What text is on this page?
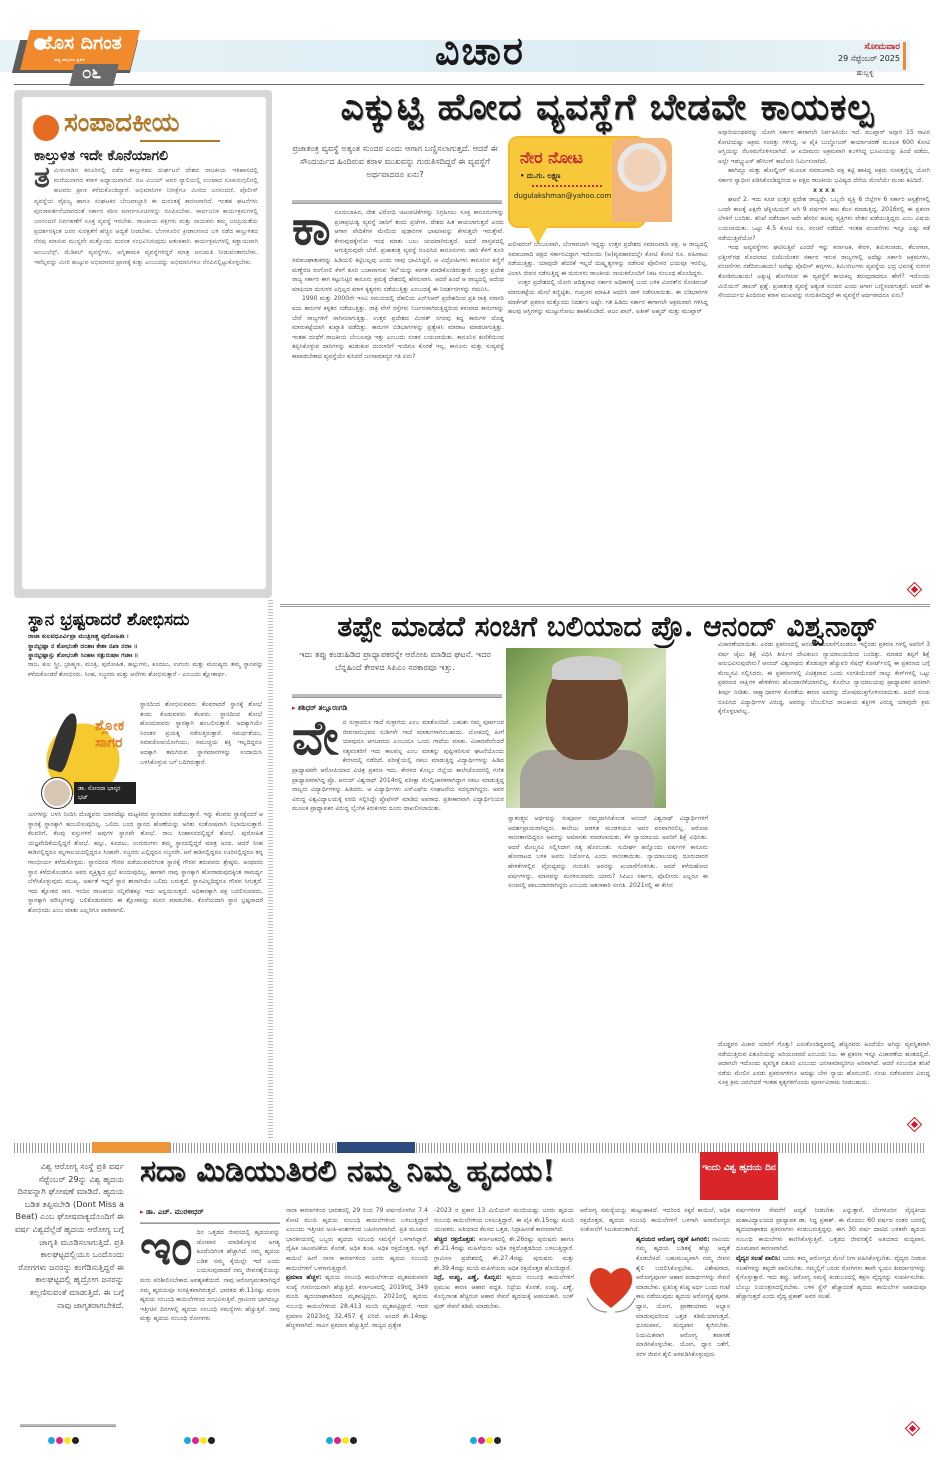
ಹೊಸ ದಿಗಂತ
ರಾಷ್ಟ್ರ ಜಾಗೃತಿಯ ಪ್ರತೀಕ
೦೬	ವಿಚಾರ	ಸೋಮವಾರ
29 ಸೆಪ್ಟೆಂಬರ್ 2025
ಹುಬ್ಬಳ್ಳಿ
ಸಂಪಾದಕೀಯ
ಕಾಲ್ತುಳಿತ ಇದೇ ಕೊನೆಯಾಗಲಿ
ತ ಮಿಳುನಾಡಿನ ಕರೂರಿನಲ್ಲಿ ನಡೆದ ಕಾಲ್ತುಳಿತದ ದುರ್ಘಟನೆ ದೇಶದ ರಾಜಕೀಯ ಇತಿಹಾಸದಲ್ಲಿ ಮರೆಯಲಾಗದ ಕರಾಳ ಅಧ್ಯಾಯವಾಗಿದೆ. ನಟ ವಿಜಯ್ ಅವರ ರ‍್ಯಾಲಿಯಲ್ಲಿ ಉಂಟಾದ ನೂಕುನುಗ್ಗಲಿನಲ್ಲಿ ಹಲವರು ಪ್ರಾಣ ಕಳೆದುಕೊಂಡಿದ್ದಾರೆ. ಅಭಿಮಾನಿಗಳ ನಿರೀಕ್ಷೆಗೂ ಮೀರಿದ ಜನಸಂದಣಿ, ಪೊಲೀಸ್ ವ್ಯವಸ್ಥೆಯ ವೈಫಲ್ಯ ಹಾಗೂ ಸಂಘಟಕರ ಬೇಜವಾಬ್ದಾರಿ ಈ ದುರಂತಕ್ಕೆ ಕಾರಣವಾಗಿದೆ. ಇಂತಹ ಘಟನೆಗಳು ಪುನರಾವರ್ತನೆಯಾಗದಂತೆ ಸರ್ಕಾರ ಕಠಿಣ ಮಾರ್ಗಸೂಚಿಗಳನ್ನು ರೂಪಿಸಬೇಕು. ಸಾರ್ವಜನಿಕ ಕಾರ್ಯಕ್ರಮಗಳಲ್ಲಿ ಜನಸಂದಣಿ ನಿರ್ವಹಣೆಗೆ ಸೂಕ್ತ ವ್ಯವಸ್ಥೆ ಇರಬೇಕು. ರಾಜಕೀಯ ಪಕ್ಷಗಳು ಮತ್ತು ನಾಯಕರು ತಮ್ಮ ಜನಪ್ರಿಯತೆಯ ಪ್ರದರ್ಶನಕ್ಕಿಂತ ಜನರ ಸುರಕ್ಷತೆಗೆ ಹೆಚ್ಚಿನ ಆದ್ಯತೆ ನೀಡಬೇಕು. ಬೆಂಗಳೂರಿನ ಕ್ರೀಡಾಂಗಣದ ಬಳಿ ನಡೆದ ಕಾಲ್ತುಳಿತದ ನೆನಪು ಮಾಸುವ ಮುನ್ನವೇ ಮತ್ತೊಂದು ದುರಂತ ಸಂಭವಿಸಿರುವುದು ಆತಂಕಕಾರಿ. ಕಾರ್ಯಕ್ರಮಗಳಲ್ಲಿ ಕಡ್ಡಾಯವಾಗಿ ಆಂಬುಲೆನ್ಸ್, ಮೆಡಿಕಲ್ ವ್ಯವಸ್ಥೆಗಳು, ಅಗ್ನಿಶಾಮಕ ವ್ಯವಸ್ಥೆಗಳಿದ್ದರೆ ಮಾತ್ರ ಅನುಮತಿ ನೀಡುವಂತಾಗಬೇಕು. ಇವೆಲ್ಲವನ್ನು ಮೀರಿ ಹುಟ್ಟುವ ಅಭಿಮಾನದ ಪ್ರಾಣಕ್ಕೆ ಕುತ್ತು ಎಂಬುದನ್ನು ಅಭಿಮಾನಿಗಳೂ ನೆನಪಿನಲ್ಲಿಟ್ಟುಕೊಳ್ಳಬೇಕು.
ಎಕ್ಕುಟ್ಟಿ ಹೋದ ವ್ಯವಸ್ಥೆಗೆ ಬೇಡವೇ ಕಾಯಕಲ್ಪ
ಪ್ರಜಾತಂತ್ರ ವ್ಯವಸ್ಥೆ ಅತ್ಯಂತ ಸುಂದರ ಎಂದು ಆಗಾಗ ಬಣ್ಣಿಸಲಾಗುತ್ತದೆ. ಆದರೆ ಈ ಸೌಂದರ್ಯದ ಹಿಂದಿರುವ ಕರಾಳ ಮುಖವನ್ನು ಗುರುತಿಸದಿದ್ದರೆ ಈ ವ್ಯವಸ್ಥೆಗೆ ಅರ್ಥವಾದರೂ ಏನು?
ಕಾ ನೂನುಬಾಹಿರ, ದೇಶ ವಿರೋಧಿ ಚಟುವಟಿಕೆಗಳನ್ನು ನಿಗ್ರಹಿಸಲು ಸೂಕ್ತ ಕಾನೂನುಗಳನ್ನು ಪ್ರಜಾಪ್ರಭುತ್ವ ವ್ಯವಸ್ಥೆ ಜಾರಿಗೆ ತಂದು ಪ್ರಜೆಗಳ, ದೇಶದ ಹಿತ ಕಾಯಲಾಗುತ್ತದೆ ಎಂದು ಆಗಾಗ ವೇದಿಕೆಗಳ ಮೇಲಿಂದ ಪುಢಾರಿಗಳ ಭಾಷಣವನ್ನು ಕೇಳುತ್ತಲೇ ಇರುತ್ತೇವೆ. ಕೇಳುವುದಕ್ಕೇನೋ ಇಂಥ ಮಾತು ಬಲು ಚಂದವಾಗಿರುತ್ತದೆ. ಆದರೆ ವಾಸ್ತವದಲ್ಲಿ ಆಗುತ್ತಿರುವುದೇ ಬೇರೆ. ಪ್ರಜಾತಂತ್ರ ವ್ಯವಸ್ಥೆ ರೂಪಿಸಿದ ಕಾನೂನುಗಳು ಜಾರಿ ಕೆಳಗೆ ತೂರಿ ಸಮಾಜಘಾತುಕರನ್ನು ಹಿಡಿಯಲಿ ಕಟ್ಟಿಬಲ್ಲವು ಎಂದು ನಾವು ಭಾವಿಸಿದ್ದರೆ, ಆ ವಿದ್ರೋಹಿಗಳು ಕಾನೂನಿನ ಕಣ್ಣಿಗೆ ಮಣ್ಣೆರಚಿ ರಂಗೋಲಿ ಕೆಳಗೆ ತೂರಿ ಬಚಾವಾಗುವ 'ಕಲೆ'ಯನ್ನು ಕರಗತ ಮಾಡಿಕೊಂಡಿರುತ್ತಾರೆ. ಉತ್ತರ ಪ್ರದೇಶ ರಾಜ್ಯ ಸರ್ಕಾರ ಈಗ ಕಟ್ಟುನಿಟ್ಟಿನ ಕಾನೂನು ಕ್ರಮಕ್ಕೆ ದೇಶದಲ್ಲಿ ಹೆಸರುವಾಸಿ. ಆದರೆ ಹಿಂದೆ ಆ ರಾಜ್ಯದಲ್ಲಿ ಅದೆಂಥ ಮಾಫಿಯಾ ದುರುಳರ ಎಗ್ಗಿಲ್ಲದ ಕರಾಳ ಕೃತ್ಯಗಳು ನಡೆಯುತ್ತಿತ್ತು ಎಂಬುದಕ್ಕೆ ಈ ನಿದರ್ಶನಗಳನ್ನು ಗಮನಿಸಿ.

1990 ಮತ್ತು 2000ನೇ ಇಸವಿ ಸಮಯದಲ್ಲಿ ದೆಹಲಿಯ ಎನ್‌ಸಿಆರ್ ಪ್ರದೇಶದಿಂದ ಪ್ರತಿ ರಾತ್ರಿ ಸರಾಸರಿ ಐದು ಕಾರುಗಳ ಕಳ್ಳತನ ನಡೆಯುತ್ತಿತ್ತು. ರಾತ್ರಿ ವೇಳೆ ರಸ್ತೆಗಳು ನಿರ್ಜನವಾಗಿರುತ್ತಿದ್ದರಿಂದ ಕಳುವಾದ ಕಾರುಗಳನ್ನು ಬೇರೆ ರಾಜ್ಯಗಳಿಗೆ ಸಾಗಿಸಲಾಗುತ್ತಿತ್ತು. ಉತ್ತರ ಪ್ರದೇಶದ ಮೀರತ್ ನಗರವು ಕದ್ದ ಕಾರುಗಳ ದೊಡ್ಡ ಮಾರುಕಟ್ಟೆಯಾಗಿ ಕುಖ್ಯಾತಿ ಪಡೆದಿತ್ತು. ಕಾರುಗಳ ಬಿಡಿಭಾಗಗಳನ್ನು ಪ್ರತ್ಯೇಕಿಸಿ ಮಾರಾಟ ಮಾಡಲಾಗುತ್ತಿತ್ತು. ಇಂತಹ ದಂಧೆಗೆ ರಾಜಕೀಯ ಬೆಂಬಲವೂ ಇತ್ತು ಎಂಬುದು ನಂತರ ಬಯಲಾಯಿತು. ಕಾನೂನಿನ ಕುಣಿಕೆಯಿಂದ ತಪ್ಪಿಸಿಕೊಳ್ಳುವ ದಾರಿಗಳನ್ನು ಹುಡುಕುವ ದುರುಳರಿಗೆ ಇಂದಿಗೂ ಕೊರತೆ ಇಲ್ಲ. ಕಾನೂನು ಮತ್ತು ಸುವ್ಯವಸ್ಥೆ ಕಾಪಾಡಬೇಕಾದ ವ್ಯವಸ್ಥೆಯೇ ಕುಸಿದರೆ ಜನಸಾಮಾನ್ಯರ ಗತಿ ಏನು?

ನೇರ ನೋಟ
• ದು.ಗು. ಲಕ್ಷ್ಮಣ
dugulakshman@yahoo.com

ಖಲೀಫರಂಗೆ ಬೆಂಬಲವಾಗಿ, ಬೆಂಗಾವಲಾಗಿ ಇದ್ದದ್ದು ಉತ್ತರ ಪ್ರದೇಶದ ಸಮಾಜವಾದಿ ಪಕ್ಷ. ಆ ರಾಜ್ಯದಲ್ಲಿ ಸಮಾಜವಾದಿ ಪಕ್ಷದ ಸರ್ಕಾರವಿದ್ದಾಗ ಇದೊಂದು (ಅ)ವ್ಯವಹಾರದಲ್ಲೇ ಕೋಟಿ ಕೋಟಿ ರೂ. ವಹಿವಾಟು ನಡೆಯುತ್ತಿತ್ತು. ಯಾವುದೇ ಹೆದರಿಕೆ ಇಲ್ಲದೆ ದುಷ್ಕೃತ್ಯಗಳನ್ನು ನಡೆಸುವ ಪೊಲೀಸರ ಭಯವೂ ಇರಲಿಲ್ಲ. ವಿಲಾಸಿ ಜೀವನ ನಡೆಸುತ್ತಿದ್ದ ಈ ದುರುಳರು ರಾಜಕೀಯ ನಾಯಕರೊಂದಿಗೆ ನಿಕಟ ಸಂಬಂಧ ಹೊಂದಿದ್ದರು.

ಉತ್ತರ ಪ್ರದೇಶದಲ್ಲಿ ಯೋಗಿ ಆದಿತ್ಯನಾಥ ಸರ್ಕಾರ ಅಧಿಕಾರಕ್ಕೆ ಬಂದ ಬಳಿಕ ಮೀರತ್‌ನ ಸೋತಿಗಂಜ್ ಮಾರುಕಟ್ಟೆಯ ಮೇಲೆ ಕಣ್ಣಿಟ್ಟಿತು. ಗುಪ್ತಚರ ಮಾಹಿತಿ ಆಧರಿಸಿ ದಾಳಿ ನಡೆಸಲಾಯಿತು. ಈ ಬಿಡಿಭಾಗಗಳ ಮಾರ್ಕೆಟ್ ಪ್ರಕರಣ ಮತ್ತೊಂದು ನಿದರ್ಶನ ಅಷ್ಟೇ. ಗತ ಹಿಡಿದು ಸರ್ಕಾರ ಈಗಾಗಲೇ ಅಕ್ರಮವಾಗಿ ಗಳಿಸಿದ್ದ ಹಲವು ಆಸ್ತಿಗಳನ್ನು ಮುಟ್ಟುಗೋಲು ಹಾಕಿಕೊಂಡಿದೆ. ಆಜಂ ಖಾನ್, ಅತೀಕ್ ಅಹ್ಮದ್ ಮತ್ತು ಮುಖ್ತಾರ್

ಅನ್ಸಾರಿಯಂಥವರನ್ನು ಯೋಗಿ ಸರ್ಕಾರ ಈಗಾಗಲೇ ನಿರ್ವಹಿಸಿಯೇ ಇದೆ. ಮುಖ್ತಾರ್ ಅನ್ಸಾರಿ 15 ಸಾವಿರ ಕೋಟಿಯಷ್ಟು ಅಕ್ರಮ ಸಂಪತ್ತು ಗಳಿಸಿದ್ದ. ಆ ಪೈಕಿ ಬುಲ್ಡೋಜರ್ ಕಾರ್ಯಾಚರಣೆ ಮೂಲಕ 600 ಕೋಟಿ ಆಸ್ತಿಯನ್ನು ನೆಲಸಮಗೊಳಿಸಲಾಗಿದೆ. ಆ ಖದೀಮರು ಅಕ್ರಮವಾಗಿ ಕಬಳಿಸಿದ್ದ ಭೂಮಿಯನ್ನು ಹಿಂದೆ ಪಡೆದು, ಅಲ್ಲೇ ಇಡಬ್ಲ್ಯುಎಸ್ ಹೌಸಿಂಗ್ ಕಾಲೋನಿ ನಿರ್ಮಿಸಲಾಗಿದೆ.

ಹಾಗಿದ್ದೂ ಮತ್ತು ಹೋಲ್ಡಿಂಗ್ ಮೂಲಕ ಸಮಾಜವಾದಿ ಪಕ್ಷ ಕಟ್ಟಿ ಹಾಕಿದ್ದ ಅಕ್ರಮ ಸಂಪತ್ತನ್ನೆಲ್ಲ ಯೋಗಿ ಸರ್ಕಾರ ಸ್ವಾಧೀನ ಪಡಿಸಿಕೊಂಡಿದ್ದರಿಂದ ಆ ಪಕ್ಷದ ರಾಜಕೀಯ ಭವಿಷ್ಯದ ದೆಸೆಯ ಮೇಲೆಯೇ ಮಂಕು ಕವಿದಿದೆ.

x x x x

ಘಟನೆ 2. ಇದು ಕೂಡ ಉತ್ತರ ಪ್ರದೇಶ ರಾಜ್ಯದ್ದೇ. ಒಬ್ಬನೇ ವ್ಯಕ್ತಿ 6 ಜಿಲ್ಲೆಗಳ 6 ಸರ್ಕಾರಿ ಆಸ್ಪತ್ರೆಗಳಲ್ಲಿ ಒಂದೇ ಕಾಲಕ್ಕೆ ಎಕ್ಸರೇ ಟೆಕ್ನೀಷಿಯನ್ ಆಗಿ 9 ವರ್ಷಗಳ ಕಾಲ ಕೆಲಸ ಮಾಡುತ್ತಿದ್ದ. 2016ರಲ್ಲಿ ಈ ಪ್ರಕರಣ ಬೆಳಕಿಗೆ ಬಂದಿತು. ತನಿಖೆ ನಡೆಸಿದಾಗ ಅದೇ ಹೆಸರಿನ ಹಲವು ವ್ಯಕ್ತಿಗಳು ವೇತನ ಪಡೆಯುತ್ತಿದ್ದರು ಎಂಬ ವಿಷಯ ಬಯಲಾಯಿತು. ಒಟ್ಟು 4.5 ಕೋಟಿ ರೂ. ವಂಚನೆ ನಡೆದಿದೆ. ಇಂತಹ ವಂಚನೆಗಳು ಇನ್ನೂ ಎಷ್ಟು ಕಡೆ ನಡೆಯುತ್ತಿವೆಯೋ?

ಇಂಥ ಅವ್ಯವಸ್ಥೆಗಳು ಘಟಿಸುತ್ತಿವೆ ಎಂದರೆ ಇನ್ನು ಕರ್ನಾಟಕ, ಕೇರಳ, ತಮಿಳುನಾಡು, ತೆಲಂಗಾಣ, ಛತ್ತೀಸ್‌ಗಢ ಮೊದಲಾದ ಬಿಜೆಪಿಯೇತರ ಸರ್ಕಾರ ಇರುವ ರಾಜ್ಯಗಳಲ್ಲಿ ಅದೆಷ್ಟು ಸರ್ಕಾರಿ ಅಕ್ರಮಗಳು, ವಂಚನೆಗಳು ನಡೆದಿರಬಹುದು! ಅದೆಷ್ಟು ಪೊಲೀಸ್ ಹಗ್ಗಗಳು, ತಿಮಿಂಗಿಲಗಳು ವ್ಯವಸ್ಥೆಯ ಭದ್ರ ಭವನಕ್ಕೆ ಸುರಂಗ ತೋಡಿರಬಹುದು! ಎಕ್ಕುಟ್ಟಿ ಹೋಗಿರುವ ಈ ವ್ಯವಸ್ಥೆಗೆ ಕಾಯಕಲ್ಪ ತರುವುದಾದರೂ ಹೇಗೆ? ಇದೊಂದು ಮಿಲಿಯನ್ ಡಾಲರ್ ಪ್ರಶ್ನೆ. ಪ್ರಜಾತಂತ್ರ ವ್ಯವಸ್ಥೆ ಅತ್ಯಂತ ಸುಂದರ ಎಂದು ಆಗಾಗ ಬಣ್ಣಿಸಲಾಗುತ್ತದೆ. ಆದರೆ ಈ ಸೌಂದರ್ಯದ ಹಿಂದಿರುವ ಕರಾಳ ಮುಖವನ್ನು ಗುರುತಿಸದಿದ್ದರೆ ಈ ವ್ಯವಸ್ಥೆಗೆ ಅರ್ಥವಾದರೂ ಏನು?

ಸ್ಥಾನ ಭ್ರಷ್ಟರಾದರೆ ಶೋಭಿಸದು
ರಾಜಾ ಕುಲವಧೂರ್ವಿಪ್ರಾ ಮಂತ್ರಿಣಶ್ಚ ಪುರೋಹಿತಃ ।
ಸ್ಥಾನಭ್ರಷ್ಟಾ ನ ಶೋಭಂತೇ ದಂತಾಃ ಕೇಶಾ ನಖಾ ನರಾಃ ॥
ಸ್ಥಾನಭ್ರಷ್ಟಾಸ್ತು ಶೋಭಂತೇ ಸಿಂಹಾಃ ಸತ್ಪುರುಷಾಃ ಗಜಾಃ ॥
ರಾಜ, ಕುಲ ಸ್ತ್ರೀ, ಬ್ರಾಹ್ಮಣ, ಮಂತ್ರಿ, ಪುರೋಹಿತ, ಹಲ್ಲುಗಳು, ಕೂದಲು, ಉಗುರು ಮತ್ತು ಮನುಷ್ಯರು ತಮ್ಮ ಸ್ಥಾನವನ್ನು ಕಳೆದುಕೊಂಡರೆ ಶೋಭಿಸರು. ಸಿಂಹ, ಸಜ್ಜನರು ಮತ್ತು ಆನೆಗಳು ಶೋಭಿಸುತ್ತಾರೆ - ಎಂಬುದು ಶ್ಲೋಕಾರ್ಥ.
ಶ್ಲೋಕ ಸಾಗರ
ಡಾ. ಸೋಂದಾ ಭಾಸ್ಕರ ಭಟ್
ಸ್ಥಾನದಿಂದ ಶೋಭಿಸುವವರು ಕೆಲವರಾದರೆ ಸ್ಥಾನಕ್ಕೆ ಶೋಭೆ ತಂದು ಕೊಡುವವರು ಕೆಲವರು. ಸ್ಥಾನದಿಂದ ಶೋಭೆ ಹೊಂದುವವರು ಸ್ಥಾನಕ್ಕಾಗಿ ಹಂಬಲಿಸುತ್ತಾರೆ. ಅದಕ್ಕಾಗಿಯೇ ನಿರಂತರ ಪ್ರಯತ್ನ ನಡೆಸುತ್ತಿರುತ್ತಾರೆ. ಸಮರ್ಥತೆಯು, ಸಮಾಜೋಪಯೋಗಿಯು, ಸಮುಚ್ಚಯ ಶಕ್ತಿ ಇಲ್ಲದಿದ್ದರೂ ಅದಕ್ಕಾಗಿ ತಮಗಿರುವ ಸ್ಥಾನಮಾನಗಳನ್ನು ಸಂದಾಯಿಸಿ ಬಳಸಿಕೊಳ್ಳುವ ಬಗೆ ಬದಿಗಿರುತ್ತಾರೆ.
ಜನಗಳನ್ನು ಬಳಸಿ ನಿಂದಿಸಿ ದೊಡ್ಡವರು ಯಾರದೆಷ್ಟು ಮಟ್ಟಕಿರದ ಸ್ಥಾನಮಾನ ಪಡೆಯುತ್ತಾರೆ. ಇನ್ನು ಕೆಲವರು ಸ್ಥಾನಕ್ಕೆಂದರೆ ಆ ಸ್ಥಾನಕ್ಕೆ ಸ್ಥಾನಕ್ಕಾಗಿ ಹಂಬಲಿಸುವುದಿಲ್ಲ. ಒಲಿದು ಬಂದ ಸ್ಥಾನದ ಹೊಣೆಯನ್ನು ಅರಿತು ಸಂತೋಷವಾಗಿ ನಿಭಾಯಿಸುತ್ತಾರೆ. ಕೆಲವರಿಗೆ, ಕೆಲವು ವಸ್ತುಗಳಿಗೆ ಅವುಗಳ ಸ್ಥಾನವೇ ಶೋಭೆ. ರಾಜ ಸಿಂಹಾಸನದಲ್ಲಿದ್ದರೆ ಶೋಭೆ. ಪುರೋಹಿತ ಯಜ್ಞವೇದಿಕೆಯಲ್ಲಿದ್ದರೆ ಶೋಭೆ. ಹಲ್ಲು, ಕೂದಲು, ಉಗುರುಗಳು ತಮ್ಮ ಸ್ಥಾನದಲ್ಲಿದ್ದರೆ ಮಾತ್ರ ಅಂದ. ಆದರೆ ಸಿಂಹ ಕಾಡಿನಲ್ಲಿದ್ದರೂ ಮೃಗಾಲಯದಲ್ಲಿದ್ದರೂ ಸಿಂಹವೇ. ಸಜ್ಜನರು ಎಲ್ಲಿದ್ದರೂ ಸಜ್ಜನರೇ. ಆನೆ ಕಾಡಿನಲ್ಲಿದ್ದರೂ ಊರಿನಲ್ಲಿದ್ದರೂ ತನ್ನ ಗಾಂಭೀರ್ಯ ಕಳೆದುಕೊಳ್ಳದು. ಸ್ಥಾನದಿಂದ ಗೌರವ ಪಡೆಯುವವರಿಗಿಂತ ಸ್ಥಾನಕ್ಕೆ ಗೌರವ ತರುವವರು ಶ್ರೇಷ್ಠರು. ಅಂಥವರು ಸ್ಥಾನ ಕಳೆದುಕೊಂಡರೂ ಅವರ ವ್ಯಕ್ತಿತ್ವದ ಪ್ರಭೆ ಕುಂದುವುದಿಲ್ಲ. ಹಾಗಾಗಿ ನಾವು ಸ್ಥಾನಕ್ಕಾಗಿ ಹೋರಾಡುವುದಕ್ಕಿಂತ ಸಾಮರ್ಥ್ಯ ಬೆಳೆಸಿಕೊಳ್ಳುವುದು ಮುಖ್ಯ. ಅರ್ಹತೆ ಇದ್ದರೆ ಸ್ಥಾನ ತಾನಾಗಿಯೇ ಒಲಿದು ಬರುತ್ತದೆ. ಸ್ಥಾನವಿಲ್ಲದಿದ್ದರೂ ಗೌರವ ಸಿಗುತ್ತದೆ. ಇದು ಶ್ಲೋಕದ ಸಾರ. ಇಂದಿನ ರಾಜಕೀಯ ಸನ್ನಿವೇಶಕ್ಕೂ ಇದು ಅನ್ವಯಿಸುತ್ತದೆ. ಅಧಿಕಾರಕ್ಕಾಗಿ ಪಕ್ಷ ಬದಲಿಸುವವರು, ಸ್ಥಾನಕ್ಕಾಗಿ ಮೌಲ್ಯಗಳನ್ನು ಬಲಿಕೊಡುವವರು ಈ ಶ್ಲೋಕವನ್ನು ಮನನ ಮಾಡಬೇಕು. ಕೊನೆಯದಾಗಿ ಸ್ಥಾನ ಭ್ರಷ್ಟರಾದರೆ ಶೋಭಿಸದು ಎಂಬ ಮಾತು ಎಲ್ಲರಿಗೂ ಪಾಠವಾಗಲಿ.
ತಪ್ಪೇ ಮಾಡದೆ ಸಂಚಿಗೆ ಬಲಿಯಾದ ಪ್ರೊ. ಆನಂದ್ ವಿಶ್ವನಾಥ್
ಇದು ತಪ್ಪು ಕಂಡುಹಿಡಿದ ಪ್ರಾಧ್ಯಾಪಕರನ್ನೇ ಆರೋಪಿ ಮಾಡಿದ ಘಟನೆ. ಇದರ ಬೆನ್ನಹಿಂದೆ ಕೇರಳದ ಸಿಪಿಎಂ ಸರಕಾರವೂ ಇತ್ತು.
▸ ಶಶಿಧರ್ ತಲ್ಲೂರಂಗಡಿ
ವೇ ದ ಸುಳ್ಳಾದರೂ ಗಾದೆ ಸುಳ್ಳಾಗದು ಎಂಬ ಮಾತೊಂದಿದೆ. ಬಹುಶಃ ನಮ್ಮ ಪೂರ್ವಜರ ಜೀವನಾನುಭವದ ನುಡಿಗಳೇ ಗಾದೆ ಮಾತುಗಳಾಗಿರಬಹುದು. ಲೋಕದಲ್ಲಿ ಹೀಗೆ ಯಾವುದೂ ಆಗಬಾರದು ಎಂಬುದೂ ಒಂದು ಗಾದೆಯ ಮಾತು. ವಿಚಾರವೇನೆಂದರೆ ಸತ್ಯವಂತರಿಗೆ ಇದು ಕಾಲವಲ್ಲ ಎಂಬ ಮಾತನ್ನು ಪುಷ್ಟೀಕರಿಸುವ ಘಟನೆಯೊಂದು ಕೇರಳದಲ್ಲಿ ನಡೆದಿದೆ. ಪರೀಕ್ಷೆಯಲ್ಲಿ ನಕಲು ಮಾಡುತ್ತಿದ್ದ ವಿದ್ಯಾರ್ಥಿಗಳನ್ನು ಹಿಡಿದ ಪ್ರಾಧ್ಯಾಪಕರೇ ಆರೋಪಿಯಾದ ವಿಚಿತ್ರ ಪ್ರಕರಣ ಇದು. ಕೇರಳದ ಕೊಲ್ಲಂ ಜಿಲ್ಲೆಯ ಕಾಲೇಜೊಂದರಲ್ಲಿ ಗಣಿತ ಪ್ರಾಧ್ಯಾಪಕರಾಗಿದ್ದ ಪ್ರೊ. ಆನಂದ್ ವಿಶ್ವನಾಥ್ 2014ರಲ್ಲಿ ಪರೀಕ್ಷಾ ಮೇಲ್ವಿಚಾರಕರಾಗಿದ್ದಾಗ ನಕಲು ಮಾಡುತ್ತಿದ್ದ ನಾಲ್ವರು ವಿದ್ಯಾರ್ಥಿಗಳನ್ನು ಹಿಡಿದರು. ಆ ವಿದ್ಯಾರ್ಥಿಗಳು ಎಸ್‌ಎಫ್‌ಐ ಸಂಘಟನೆಯ ಸದಸ್ಯರಾಗಿದ್ದರು. ಅವರ ವಿರುದ್ಧ ವಿಶ್ವವಿದ್ಯಾಲಯಕ್ಕೆ ವರದಿ ಸಲ್ಲಿಸಿದ್ದೇ ಪ್ರೊಫೆಸರ್ ಮಾಡಿದ ಅಪರಾಧ. ಪ್ರತೀಕಾರವಾಗಿ ವಿದ್ಯಾರ್ಥಿನಿಯರ ಮೂಲಕ ಪ್ರಾಧ್ಯಾಪಕರ ವಿರುದ್ಧ ಲೈಂಗಿಕ ಕಿರುಕುಳದ ದೂರು ದಾಖಲಿಸಲಾಯಿತು.
ಸ್ವಾತಂತ್ರ್ಯದ ಅರ್ಥವನ್ನು ಸಂಪೂರ್ಣ ನಮ್ಮದಾಗಿಸಿಕೊಂಡ ಆನಂದ್ ವಿಶ್ವನಾಥ್ ವಿದ್ಯಾರ್ಥಿಗಳಿಗೆ ಆದರ್ಶಪ್ರಾಯರಾಗಿದ್ದರು. ಕಾಲೇಜು ಆಡಳಿತ ಮಂಡಳಿಯೂ ಅವರ ಪರವಾಗಿರಲಿಲ್ಲ. ಆರೋಪ ಸಾಬೀತಾಗದಿದ್ದರೂ ಅವರನ್ನು ಅಮಾನತು ಮಾಡಲಾಯಿತು. ಕೆಳ ನ್ಯಾಯಾಲಯ ಅವರಿಗೆ ಶಿಕ್ಷೆ ವಿಧಿಸಿತು. ಆದರೆ ಮೇಲ್ಮನವಿ ಸಲ್ಲಿಸಿದಾಗ ಸತ್ಯ ಹೊರಬಂತು. ಸುದೀರ್ಘ ಹನ್ನೊಂದು ವರ್ಷಗಳ ಕಾನೂನು ಹೋರಾಟದ ಬಳಿಕ ಅವರು ನಿರ್ದೋಷಿ ಎಂದು ಸಾಬೀತಾಯಿತು. ನ್ಯಾಯಾಲಯವು ದೂರುದಾರರ ಹೇಳಿಕೆಗಳಲ್ಲಿನ ವೈರುಧ್ಯವನ್ನು ಗುರುತಿಸಿ ಅವರನ್ನು ಖುಲಾಸೆಗೊಳಿಸಿತು. ಆದರೆ ಕಳೆದುಹೋದ ವರ್ಷಗಳನ್ನು, ಮಾನವನ್ನು ಮರಳಿಸುವವರು ಯಾರು? ಸಿಪಿಎಂ ಸರ್ಕಾರ, ಪೊಲೀಸರು ಎಲ್ಲರೂ ಈ ಸಂಚಿನಲ್ಲಿ ಪಾಲುದಾರರಾಗಿದ್ದರು ಎಂಬುದು ಆತಂಕಕಾರಿ ಸಂಗತಿ. 2021ರಲ್ಲಿ ಈ ಕೇಸಿನ
ವಿಚಾರಣೆಯಾಯಿತು. ಎರಡು ಪ್ರಕರಣದಲ್ಲಿ ಆನಂದ್ ಖುಲಾಸೆಗೊಂಡರೂ ಇನ್ನೆರಡು ಪ್ರಕರಣ ಗಳಲ್ಲಿ ಅವರಿಗೆ 3 ವರ್ಷ ಜೈಲು ಶಿಕ್ಷೆ ವಿಧಿಸಿ ತೀರ್ಪಿನ ದೇವಿಕುಲಂ ನ್ಯಾಯಾಲಯದಿಂದ ಬಂದಿತ್ತು. ಮಾಡದ ತಪ್ಪಿಗೆ ಶಿಕ್ಷೆ ಅನುಭವಿಸುವುದೇನು? ಆನಂದ್ ವಿಶ್ವನಾಥರು ತೊಡುಪುಳ ಹೆಚ್ಚುವರಿ ಸೆಷನ್ಸ್ ಕೋರ್ಟ್‌ನಲ್ಲಿ ಈ ಪ್ರಕರಣದ ಬಗ್ಗೆ ಮೇಲ್ಮನವಿ ಸಲ್ಲಿಸಿದರು. ಈ ಪ್ರಕರಣಗಳಲ್ಲಿ ವಿಚಿತ್ರವಾದ ಒಂದು ಸಂಗತಿಯೆಂದರೆ ನಾಲ್ಕು ಕೇಸ್‌ಗಳಲ್ಲಿ ಒಟ್ಟು ಪ್ರಕರಣದ ಸಾಕ್ಷಿಗಳ ಹೇಳಿಕೆಗಳು ಹೊಂದಾಣಿಕೆಯಾಗಲಿಲ್ಲ. ಕೊನೆಗೂ ನ್ಯಾಯಾಲಯವು ಪ್ರಾಧ್ಯಾಪಕರ ಪರವಾಗಿ ತೀರ್ಪು ನೀಡಿತು. ಸಾಕ್ಷ್ಯಾಧಾರಗಳ ಕೊರತೆಯ ಕಾರಣ ಅವರನ್ನು ದೋಷಮುಕ್ತಗೊಳಿಸಲಾಯಿತು. ಆದರೆ ಸಂಚು ರೂಪಿಸಿದ ವಿದ್ಯಾರ್ಥಿಗಳ ವಿರುದ್ಧ, ಅವರನ್ನು ಬೆಂಬಲಿಸಿದ ರಾಜಕೀಯ ಶಕ್ತಿಗಳ ವಿರುದ್ಧ ಯಾವುದೇ ಕ್ರಮ ಕೈಗೊಳ್ಳಲಾಗಿಲ್ಲ.
ದೊಡ್ಡವರ ವಿಚಾರ ಯಾರಿಗೆ ಗೊತ್ತು! ಎನುಕೊಂಡಿದ್ದವರಲ್ಲಿ ಹೆಚ್ಚಿನವರು ಹಿಂದೆಯೇ ಆಗಿದ್ದು ವ್ಯವಸ್ಥಿತವಾಗಿ ನಡೆಯುತ್ತಿರುವ ಪಿತೂರಿಯನ್ನು ಅರಿಯಲಾರದೆ ಎಂಬುದು ನಿಜ. ಈ ಪ್ರಕರಣ ಇನ್ನೂ ವಿಚಾರಣೆಯ ಹಂತದಲ್ಲಿದೆ. ಆದಾಗಲೇ ಇದೊಂದು ವ್ಯವಸ್ಥಿತ ಪಿತೂರಿ ಎಂಬುದು ಜನಸಾಮಾನ್ಯರಿಗೂ ಅರಿವಾಗಿದೆ. ಆದರೆ ಸಂಬಂಧಿತ ತನಿಖೆ ನಡೆದು ಮೇಲಿನ ಎರಡು ಪ್ರಕರಣಗಳಿಗೂ ಆದಷ್ಟು ಬೇಗ ನ್ಯಾಯ ಹೊರಬರಲಿ. ಸಂಚು ನಡೆಸುವವರ ವಿರುದ್ಧ ಸೂಕ್ತ ಕ್ರಮ ಜರುಗಿದರೆ ಇಂತಹ ಕೃತ್ಯಗಳಿಗೊಂದು ಪೂರ್ಣವಿರಾಮ ನೀಡಬಹುದು.
ವಿಶ್ವ ಆರೋಗ್ಯ ಸಂಸ್ಥೆ ಪ್ರತಿ ವರ್ಷ ಸೆಪ್ಟೆಂಬರ್ 29ನ್ನು ವಿಶ್ವ ಹೃದಯ ದಿನವನ್ನಾಗಿ ಘೋಷಣೆ ಮಾಡಿದೆ. ಹೃದಯ ಬಡಿತ ತಪ್ಪಿಸಬೇಡಿ (Dont Miss a Beat) ಎಂಬ ಘೋಷವಾಕ್ಯದೊಂದಿಗೆ ಈ ವರ್ಷ ವಿಶ್ವದೆಲ್ಲೆಡೆ ಹೃದಯ ಆರೋಗ್ಯ ಬಗ್ಗೆ ಜಾಗೃತಿ ಮೂಡಿಸಲಾಗುತ್ತಿದೆ. ಪ್ರತಿ ಕಾಲಘಟ್ಟದಲ್ಲಿಯೂ ಒಂದೊಂದು ರೋಗಗಳು ಜನರನ್ನು ಕಂಗೆಡಿಸುತ್ತಿದ್ದರೆ ಈ ಕಾಲಘಟ್ಟದಲ್ಲಿ ಹೃದ್ರೋಗ ಜನರನ್ನು ತಲ್ಲಣಿಸುವಂತೆ ಮಾಡುತ್ತಿದೆ. ಈ ಬಗ್ಗೆ ನಾವು ಜಾಗೃತರಾಗಬೇಕಿದೆ.
ಸದಾ ಮಿಡಿಯುತಿರಲಿ ನಮ್ಮ ನಿಮ್ಮ ಹೃದಯ!	ಇಂದು ವಿಶ್ವ ಹೃದಯ ದಿನ
▸ ಡಾ. ಎಚ್. ಮುರಳೀಧರ್
ಇಂ ದಿನ ಒತ್ತಡದ ಜೀವನದಲ್ಲಿ ಹೃದಯವನ್ನು ಜೋಪಾನ ಮಾಡಿಕೊಳ್ಳುವ ಅಗತ್ಯ ಹಿಂದೆಂದಿಗಿಂತ ಹೆಚ್ಚಾಗಿದೆ. ನಮ್ಮ ಹೃದಯ ಬಡಿತ ನಮ್ಮ ಕೈಯಲ್ಲೇ ಇದೆ ಎಂದು ಬಯಸುವುದಾದರೆ ನಮ್ಮ ಜೀವನಶೈಲಿಯನ್ನು ಮರು ಪರಿಶೀಲಿಸಬೇಕಾದ ಅವಶ್ಯಕತೆಯಿದೆ. ನಾವು ಆರೋಗ್ಯವಂತರಾಗಿದ್ದರೆ ನಮ್ಮ ಹೃದಯವೂ ಸುರಕ್ಷಿತವಾಗಿರುತ್ತದೆ. ಭಾರತದ ಶೇ.11ರಷ್ಟು ಮರಣ ಹೃದಯ ಸಂಬಂಧಿ ಕಾಯಿಲೆಗಳಿಂದ ಸಂಭವಿಸುತ್ತಿವೆ. ಗ್ರಾಮೀಣ ಭಾಗದಲ್ಲೂ ಇತ್ತೀಚಿನ ದಿನಗಳಲ್ಲಿ ಹೃದಯ ಸಂಬಂಧಿ ಸಮಸ್ಯೆಗಳು ಹೆಚ್ಚುತ್ತಿವೆ. ನಾವು ಮತ್ತು ಹೃದಯ ಸಂಬಂಧಿ ರೋಗಗಳು

ನಾನಾ ಕಾರಣಗಳಿಂದ ಭಾರತದಲ್ಲಿ 29 ರಿಂದ 79 ವರ್ಷದೊಳಗಿನ 7.4 ಕೋಟಿ ಮಂದಿ ಹೃದಯ ಸಂಬಂಧಿ ಕಾಯಿಲೆಗಳಿಂದ ಬಳಲುತ್ತಿದ್ದಾರೆ ಎಂಬುದು ಇತ್ತೀಚಿನ ಅಂಕಿ-ಅಂಶಗಳಿಂದ ಬಹಿರಂಗವಾಗಿದೆ. ಪ್ರತಿ ಮೂವರು ಭಾರತೀಯರಲ್ಲಿ ಒಬ್ಬರು ಹೃದಯ ಸಂಬಂಧಿ ಸಮಸ್ಯೆಗೆ ಒಳಗಾಗಿದ್ದಾರೆ. ದೈಹಿಕ ಚಟುವಟಿಕೆಯ ಕೊರತೆ, ಅಧಿಕ ತೂಕ, ಅಧಿಕ ರಕ್ತದೊತ್ತಡ, ಸಕ್ಕರೆ ಕಾಯಿಲೆ ಹೀಗೆ ನಾನಾ ಕಾರಣಗಳಿಂದ ಜನರು ಹೃದಯ ಸಂಬಂಧಿ ಕಾಯಿಲೆಗಳಿಗೆ ಒಳಗಾಗುತ್ತಿದ್ದಾರೆ.

ಪ್ರಮಾಣ ಹೆಚ್ಚಳ: ಹೃದಯ ಸಂಬಂಧಿ ಕಾಯಿಲೆಗಳಿಂದ ಮೃತಪಡುವವರ ಸಂಖ್ಯೆ ಗಣನೀಯವಾಗಿ ಹೆಚ್ಚುತ್ತಿದೆ. ಕರ್ನಾಟಕದಲ್ಲಿ 2019ರಲ್ಲಿ 349 ಮಂದಿ ಹೃದಯಾಘಾತದಿಂದ ಮೃತಪಟ್ಟಿದ್ದರು. 2021ರಲ್ಲಿ ಹೃದಯ ಸಂಬಂಧಿ ಕಾಯಿಲೆಗಳಿಂದ 28,413 ಮಂದಿ ಮೃತಪಟ್ಟಿದ್ದಾರೆ. ಇದರ ಪ್ರಮಾಣ 2023ರಲ್ಲಿ 32,457 ಕ್ಕೆ ಏರಿದೆ. ಅಂದರೆ ಶೇ.14ರಷ್ಟು ಹೆಚ್ಚಳವಾಗಿದೆ. ಸಾವಿನ ಪ್ರಮಾಣ ಹೆಚ್ಚುತ್ತಿದೆ. ರಾಜ್ಯದ ಪ್ರತ್ಯೇಕ

-2023 ರ ಪ್ರಕಾರ 13 ಮಿಲಿಯನ್ ಮಂದಿಯಷ್ಟು ಜನರು ಹೃದಯ ಸಂಬಂಧಿ ಕಾಯಿಲೆಗಳಿಂದ ಬಳಲುತ್ತಿದ್ದಾರೆ. ಈ ಪೈಕಿ ಶೇ.15ರಷ್ಟು ಮಂದಿ ಯುವಕರು. ಅತಿಯಾದ ಕೆಲಸದ ಒತ್ತಡ, ನಿದ್ರಾಹೀನತೆ ಕಾರಣವಾಗಿದೆ.

ಹೆಚ್ಚಿದ ರಕ್ತದೊತ್ತಡ: ಕರ್ನಾಟಕದಲ್ಲಿ ಶೇ.26ರಷ್ಟು ಪುರುಷರು ಹಾಗೂ ಶೇ.21.4ರಷ್ಟು ಮಹಿಳೆಯರು ಅಧಿಕ ರಕ್ತದೊತ್ತಡದಿಂದ ಬಳಲುತ್ತಿದ್ದಾರೆ. ಗ್ರಾಮೀಣ ಪ್ರದೇಶದಲ್ಲಿ ಶೇ.27.4ರಷ್ಟು ಪುರುಷರು ಮತ್ತು ಶೇ.39.4ರಷ್ಟು ಮಂದಿ ಮಹಿಳೆಯರು ಅಧಿಕ ರಕ್ತದೊತ್ತಡ ಹೊಂದಿದ್ದಾರೆ.

ನಿದ್ರೆ, ಉಪ್ಪು, ಎಣ್ಣೆ, ಕೊಬ್ಬಿನ: ಹೃದಯ ಸಂಬಂಧಿ ಕಾಯಿಲೆಗಳಿಗೆ ಪ್ರಮುಖ ಕಾರಣ ಆಹಾರ ಪದ್ಧತಿ. ನಿದ್ರೆಯ ಕೊರತೆ, ಉಪ್ಪು, ಎಣ್ಣೆ, ಕೊಬ್ಬಿನಾಂಶ ಹೆಚ್ಚಿರುವ ಆಹಾರ ಸೇವನೆ ಹೃದಯಕ್ಕೆ ಅಪಾಯಕಾರಿ. ಜಂಕ್ ಫುಡ್ ಸೇವನೆ ಕಡಿಮೆ ಮಾಡಬೇಕು.

ಆರೋಗ್ಯ ಸಮಸ್ಯೆಯನ್ನು ಹುಟ್ಟುಹಾಕಿದೆ. ಇದರಿಂದ ಸಕ್ಕರೆ ಕಾಯಿಲೆ, ಅಧಿಕ ರಕ್ತದೊತ್ತಡ, ಹೃದಯ ಸಂಬಂಧಿ ಕಾಯಿಲೆಗಳಿಗೆ ಒಳಗಾಗಿ ಅನಾರೋಗ್ಯದ ಸಂಕೋಲೆಗೆ ಸಿಲುಕುವಂತಾಗಿದೆ.

ಹೃದಯದ ಆರೋಗ್ಯ ರಕ್ಷಣೆ ಹೀಗಿರಲಿ: ನಾವಿಂದು ನಮ್ಮ ಹೃದಯ ಬಡಿತಕ್ಕೆ ಹೆಚ್ಚು ಆದ್ಯತೆ ಕೊಡಬೇಕಿದೆ. ಬಹುಮುಖ್ಯವಾಗಿ ನಮ್ಮ ಜೀವನ ಶೈಲಿ ಬದಲಿಸಿಕೊಳ್ಳಬೇಕು. ವಿಶೇಷವಾದ, ಆರೋಗ್ಯಪೂರ್ಣ ಆಹಾರ ಪದಾರ್ಥಗಳನ್ನು ಸೇವನೆ ಮಾಡಬೇಕು. ಪ್ರತಿನಿತ್ಯ ಕನಿಷ್ಠ ಅರ್ಧ ಒಂದು ಗಂಟೆ ಕಾಲ ನಡೆಯುವುದು ಹೃದಯ ಆರೋಗ್ಯಕ್ಕೆ ಪೂರಕ. ಧ್ಯಾನ, ಯೋಗ, ಪ್ರಾಣಾಯಾಮ ಅಭ್ಯಾಸ ಮಾಡುವುದರಿಂದ ಒತ್ತಡ ಕಡಿಮೆಯಾಗುತ್ತದೆ. ಧೂಮಪಾನ, ಮದ್ಯಪಾನ ತ್ಯಜಿಸಬೇಕು. ನಿಯಮಿತವಾಗಿ ಆರೋಗ್ಯ ತಪಾಸಣೆ ಮಾಡಿಸಿಕೊಳ್ಳಬೇಕು. ಯೋಗ, ಧ್ಯಾನ ಜತೆಗೆ, ಸರಳ ಜೀವನ ಶೈಲಿ ಅಳವಡಿಸಿಕೊಳ್ಳುವುದು

ವರ್ಷಗಳಿಗಳ ಸೇವನೆಗೆ ಆದ್ಯತೆ ನೀಡಬೇಕು ಎನ್ನುತ್ತಾರೆ, ಬೆಂಗಳೂರಿನ ವೈದ್ಯಕೀಯ ಮಹಾವಿದ್ಯಾಲಯದ ಪ್ರಾಧ್ಯಾಪಕ ಡಾ. ಸಿದ್ಧ ಪ್ರಕಾಶ್. ಈ ಮೊದಲು 60 ವರ್ಷದ ನಂತರ ಜನರಲ್ಲಿ ಹೃದಯಾಘಾತದ ಪ್ರಕರಣಗಳು ಕಂಡುಬರುತ್ತಿದ್ದವು. ಈಗ 30 ವರ್ಷ ದಾಟಿದ ಬಳಿಕವೇ ಹೃದಯ ಸಂಬಂಧಿ ಕಾಯಿಲೆಗಳು ಕಾಣಿಸಿಕೊಳ್ಳುತ್ತಿವೆ. ಒತ್ತಡದ ಜೀವನಶೈಲಿ ಅತಿಯಾದ ಮದ್ಯಪಾನ, ಧೂಮಪಾನ ಕಾರಣವಾಗಿದೆ.

ವೈದ್ಯರ ಸಲಹೆ ಪಾಲಿಸಿ: ಜನರು ತಮ್ಮ ಆರೋಗ್ಯದ ಮೇಲೆ ನಿಗಾ ವಹಿಸಿಕೊಳ್ಳಬೇಕು. ವೈದ್ಯರು ನೀಡುವ ಸಲಹೆಗಳನ್ನು ತಪ್ಪದೇ ಪಾಲಿಸಬೇಕು. ನಮ್ಮಲ್ಲಿಗೆ ಬರುವ ರೋಗಿಗಳು ತಾವೇ ಸ್ವಯಂ ತೀರ್ಮಾನಗಳನ್ನು ಕೈಗೊಳ್ಳುತ್ತಾರೆ. ಇದು ತಪ್ಪು. ಆರೋಗ್ಯ ಸಮಸ್ಯೆ ಕಂಡುಬಂದಲ್ಲಿ ತಕ್ಷಣ ವೈದ್ಯರನ್ನು ಸಂಪರ್ಕಿಸಬೇಕು. ಬೊಜ್ಜು ನಿಯಂತ್ರಣದಲ್ಲಿರಬೇಕು. ಬಳಿಕ ಸ್ಟ್ರೆಸ್ ಹೆಚ್ಚಾದಂತೆ ಹೃದಯ ಕಾಯಿಲೆಗಳ ಅಪಾಯವೂ ಹೆಚ್ಚಾಗುತ್ತದೆ ಎಂದು ವೈದ್ಯ ಪ್ರಕಾಶ್ ಅವರ ಸಲಹೆ.
